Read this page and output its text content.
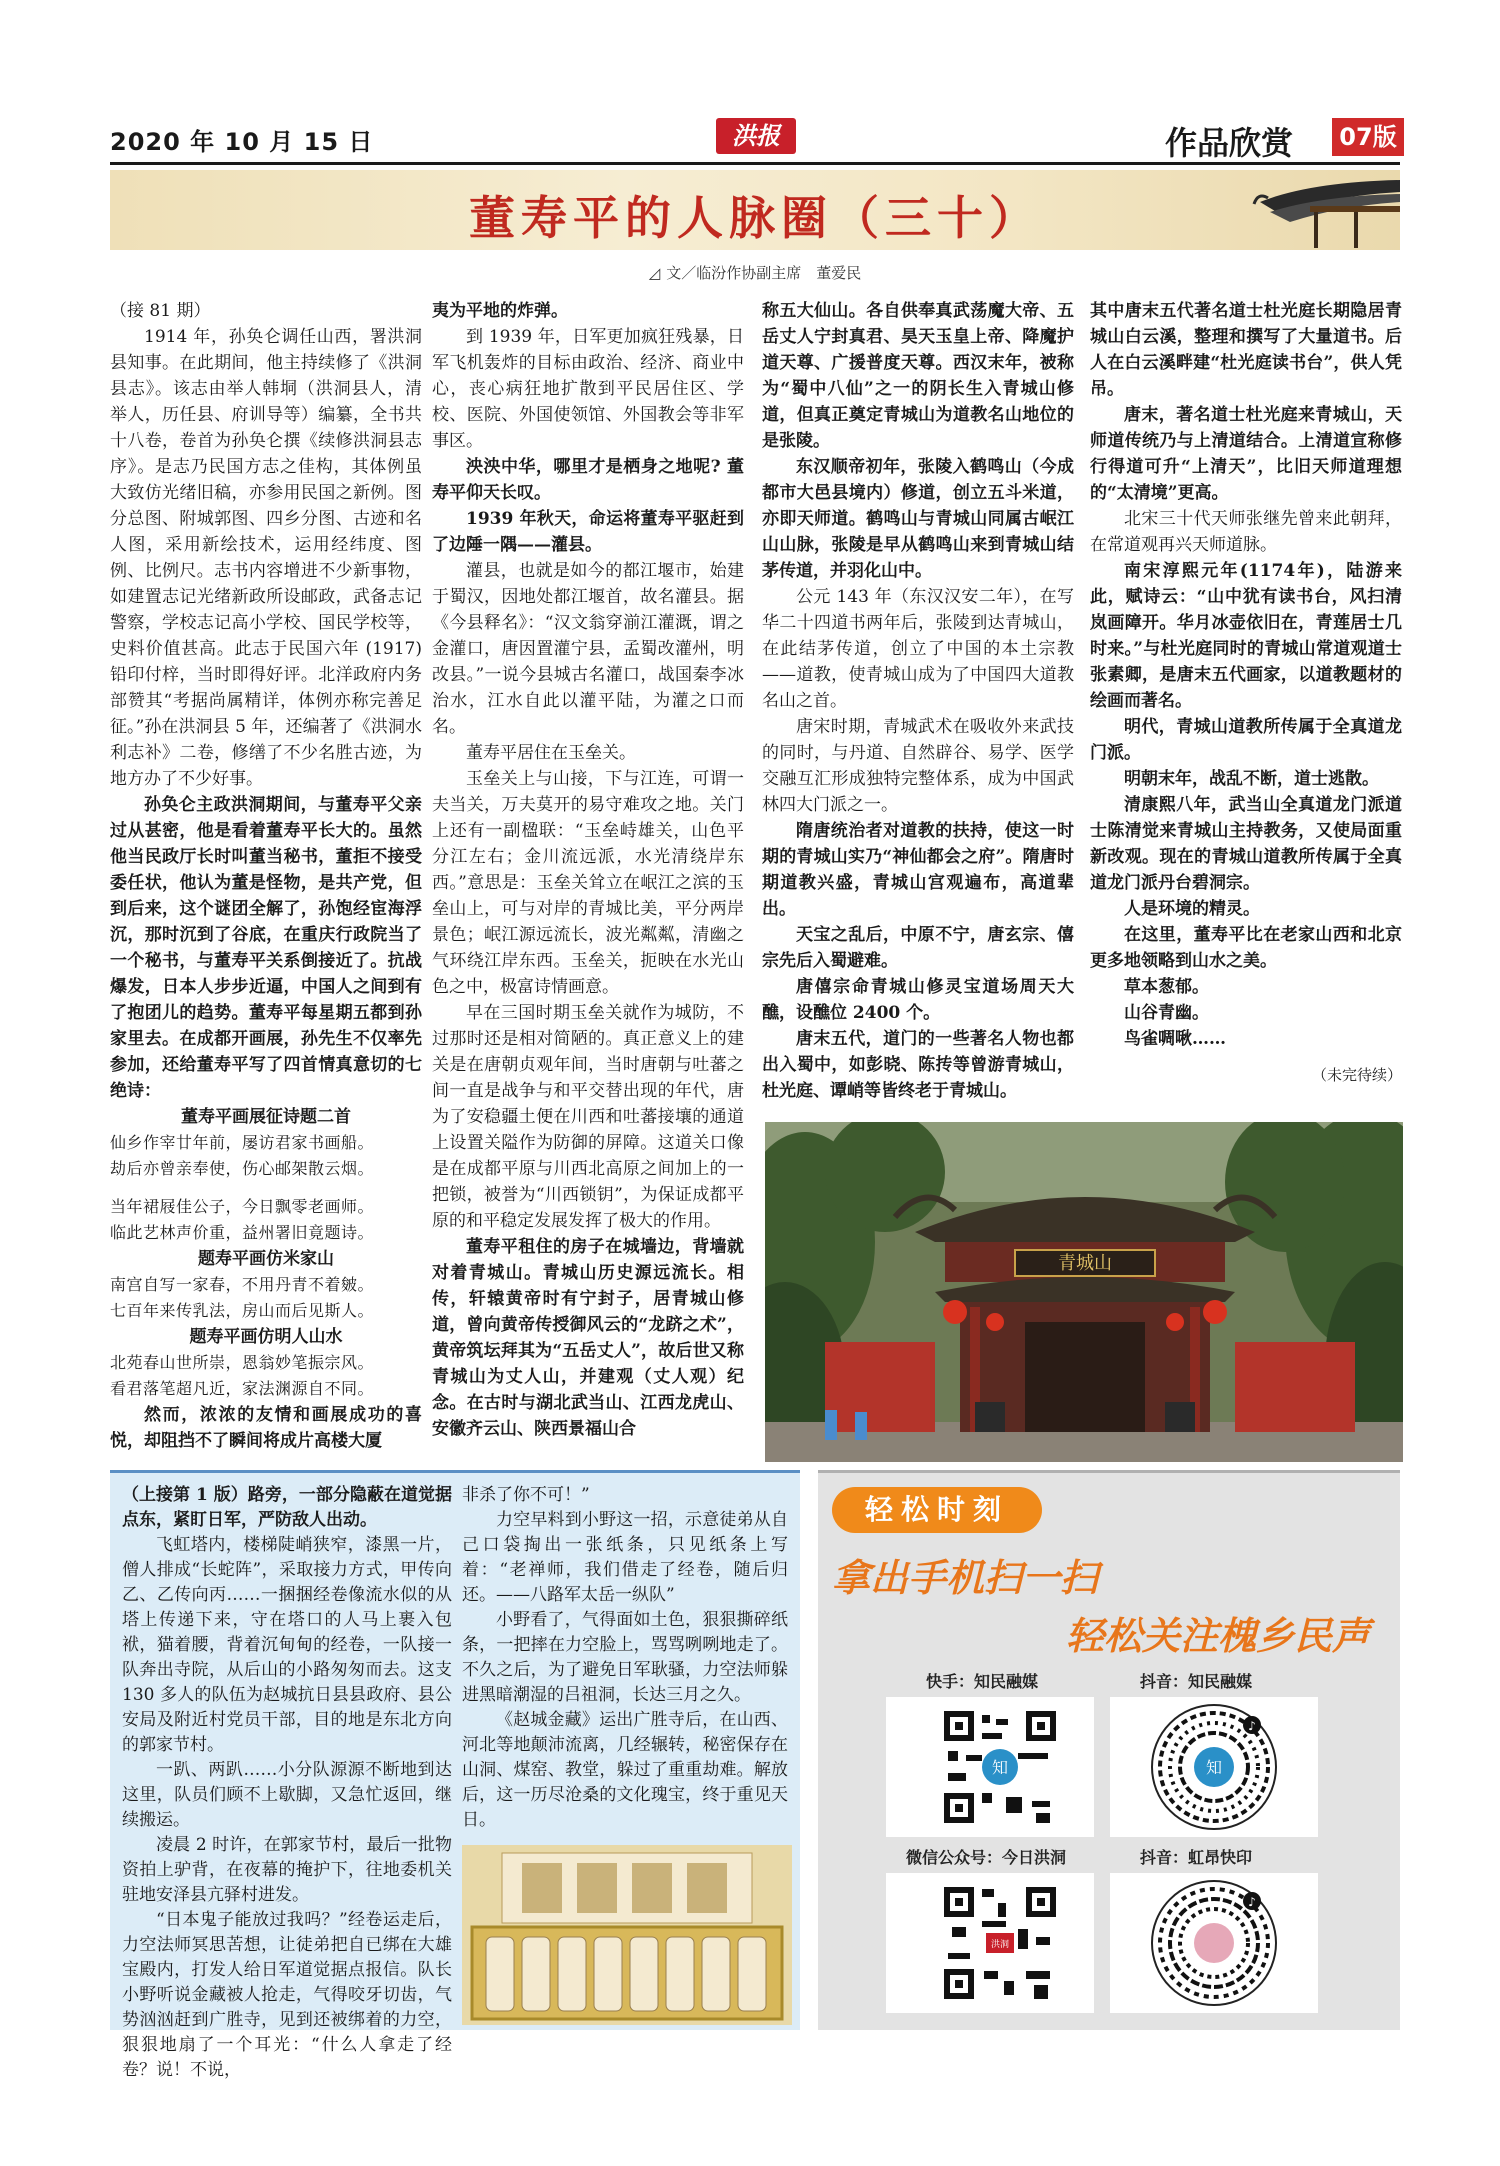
2020 年 10 月 15 日	洪报	作品欣赏	07版
董寿平的人脉圈（三十）
◿ 文／临汾作协副主席　董爱民

（接 81 期）

1914 年，孙奂仑调任山西，署洪洞县知事。在此期间，他主持续修了《洪洞县志》。该志由举人韩垌（洪洞县人，清举人，历任县、府训导等）编纂，全书共十八卷，卷首为孙奂仑撰《续修洪洞县志序》。是志乃民国方志之佳构，其体例虽大致仿光绪旧稿，亦参用民国之新例。图分总图、附城郭图、四乡分图、古迹和名人图，采用新绘技术，运用经纬度、图例、比例尺。志书内容增进不少新事物，如建置志记光绪新政所设邮政，武备志记警察，学校志记高小学校、国民学校等，史料价值甚高。此志于民国六年 (1917) 铅印付梓，当时即得好评。北洋政府内务部赞其“考据尚属精详，体例亦称完善足征。”孙在洪洞县 5 年，还编著了《洪洞水利志补》二卷，修缮了不少名胜古迹，为地方办了不少好事。

孙奂仑主政洪洞期间，与董寿平父亲过从甚密，他是看着董寿平长大的。虽然他当民政厅长时叫董当秘书，董拒不接受委任状，他认为董是怪物，是共产党，但到后来，这个谜团全解了，孙饱经宦海浮沉，那时沉到了谷底，在重庆行政院当了一个秘书，与董寿平关系倒接近了。抗战爆发，日本人步步近逼，中国人之间到有了抱团儿的趋势。董寿平每星期五都到孙家里去。在成都开画展，孙先生不仅率先参加，还给董寿平写了四首情真意切的七绝诗：

董寿平画展征诗题二首

仙乡作宰廿年前，屡访君家书画船。

劫后亦曾亲奉使，伤心邮架散云烟。

当年裙屐佳公子，今日飘零老画师。

临此艺林声价重，益州署旧竟题诗。

题寿平画仿米家山

南宫自写一家春，不用丹青不着皴。

七百年来传乳法，房山而后见斯人。

题寿平画仿明人山水

北苑春山世所崇，恩翁妙笔振宗风。

看君落笔超凡近，家法渊源自不同。

然而，浓浓的友情和画展成功的喜悦，却阻挡不了瞬间将成片高楼大厦

夷为平地的炸弹。

到 1939 年，日军更加疯狂残暴，日军飞机轰炸的目标由政治、经济、商业中心，丧心病狂地扩散到平民居住区、学校、医院、外国使领馆、外国教会等非军事区。

泱泱中华，哪里才是栖身之地呢? 董寿平仰天长叹。

1939 年秋天，命运将董寿平驱赶到了边陲一隅——灌县。

灌县，也就是如今的都江堰市，始建于蜀汉，因地处都江堰首，故名灌县。据《今县释名》：“汉文翁穿湔江灌溉，谓之金灌口，唐因置灌宁县，孟蜀改灌州，明改县。”一说今县城古名灌口，战国秦李冰治水，江水自此以灌平陆，为灌之口而名。

董寿平居住在玉垒关。

玉垒关上与山接，下与江连，可谓一夫当关，万夫莫开的易守难攻之地。关门上还有一副楹联：“玉垒峙雄关，山色平分江左右；金川流远派，水光清绕岸东西。”意思是：玉垒关耸立在岷江之滨的玉垒山上，可与对岸的青城比美，平分两岸景色；岷江源远流长，波光粼粼，清幽之气环绕江岸东西。玉垒关，扼映在水光山色之中，极富诗情画意。

早在三国时期玉垒关就作为城防，不过那时还是相对简陋的。真正意义上的建关是在唐朝贞观年间，当时唐朝与吐蕃之间一直是战争与和平交替出现的年代，唐为了安稳疆土便在川西和吐蕃接壤的通道上设置关隘作为防御的屏障。这道关口像是在成都平原与川西北高原之间加上的一把锁，被誉为“川西锁钥”，为保证成都平原的和平稳定发展发挥了极大的作用。

董寿平租住的房子在城墙边，背墙就对着青城山。青城山历史源远流长。相传，轩辕黄帝时有宁封子，居青城山修道，曾向黄帝传授御风云的“龙跻之术”，黄帝筑坛拜其为“五岳丈人”，故后世又称青城山为丈人山，并建观（丈人观）纪念。在古时与湖北武当山、江西龙虎山、安徽齐云山、陕西景福山合

称五大仙山。各自供奉真武荡魔大帝、五岳丈人宁封真君、昊天玉皇上帝、降魔护道天尊、广援普度天尊。西汉末年，被称为“蜀中八仙”之一的阴长生入青城山修道，但真正奠定青城山为道教名山地位的是张陵。

东汉顺帝初年，张陵入鹤鸣山（今成都市大邑县境内）修道，创立五斗米道，亦即天师道。鹤鸣山与青城山同属古岷江山山脉，张陵是早从鹤鸣山来到青城山结茅传道，并羽化山中。

公元 143 年（东汉汉安二年），在写华二十四道书两年后，张陵到达青城山，在此结茅传道，创立了中国的本土宗教——道教，使青城山成为了中国四大道教名山之首。

唐宋时期，青城武术在吸收外来武技的同时，与丹道、自然辟谷、易学、医学交融互汇形成独特完整体系，成为中国武林四大门派之一。

隋唐统治者对道教的扶持，使这一时期的青城山实乃“神仙都会之府”。隋唐时期道教兴盛，青城山宫观遍布，高道辈出。

天宝之乱后，中原不宁，唐玄宗、僖宗先后入蜀避难。

唐僖宗命青城山修灵宝道场周天大醮，设醮位 2400 个。

唐末五代，道门的一些著名人物也都出入蜀中，如彭晓、陈抟等曾游青城山，杜光庭、谭峭等皆终老于青城山。

其中唐末五代著名道士杜光庭长期隐居青城山白云溪，整理和撰写了大量道书。后人在白云溪畔建“杜光庭读书台”，供人凭吊。

唐末，著名道士杜光庭来青城山，天师道传统乃与上清道结合。上清道宣称修行得道可升“上清天”，比旧天师道理想的“太清境”更高。

北宋三十代天师张继先曾来此朝拜，在常道观再兴天师道脉。

南宋淳熙元年(1174年)，陆游来此，赋诗云：“山中犹有读书台，风扫清岚画障开。华月冰壶依旧在，青莲居士几时来。”与杜光庭同时的青城山常道观道士张素卿，是唐末五代画家，以道教题材的绘画而著名。

明代，青城山道教所传属于全真道龙门派。

明朝末年，战乱不断，道士逃散。

清康熙八年，武当山全真道龙门派道士陈清觉来青城山主持教务，又使局面重新改观。现在的青城山道教所传属于全真道龙门派丹台碧洞宗。

人是环境的精灵。

在这里，董寿平比在老家山西和北京更多地领略到山水之美。

草本葱郁。

山谷青幽。

鸟雀啁啾……

（未完待续）

青城山

（上接第 1 版）路旁，一部分隐蔽在道觉据点东，紧盯日军，严防敌人出动。

飞虹塔内，楼梯陡峭狭窄，漆黑一片，僧人排成“长蛇阵”，采取接力方式，甲传向乙、乙传向丙……一捆捆经卷像流水似的从塔上传递下来，守在塔口的人马上裹入包袱，猫着腰，背着沉甸甸的经卷，一队接一队奔出寺院，从后山的小路匆匆而去。这支 130 多人的队伍为赵城抗日县县政府、县公安局及附近村党员干部，目的地是东北方向的郭家节村。

一趴、两趴……小分队源源不断地到达这里，队员们顾不上歇脚，又急忙返回，继续搬运。

凌晨 2 时许，在郭家节村，最后一批物资拍上驴背，在夜幕的掩护下，往地委机关驻地安泽县亢驿村进发。

“日本鬼子能放过我吗？”经卷运走后，力空法师冥思苦想，让徒弟把自已绑在大雄宝殿内，打发人给日军道觉据点报信。队长小野听说金藏被人抢走，气得咬牙切齿，气势汹汹赶到广胜寺，见到还被绑着的力空，狠狠地扇了一个耳光：“什么人拿走了经卷？说！不说，

非杀了你不可！”

力空早料到小野这一招，示意徒弟从自己口袋掏出一张纸条，只见纸条上写着：“老禅师，我们借走了经卷，随后归还。——八路军太岳一纵队”

小野看了，气得面如土色，狠狠撕碎纸条，一把摔在力空脸上，骂骂咧咧地走了。不久之后，为了避免日军耿骚，力空法师躲进黑暗潮湿的吕祖洞，长达三月之久。

《赵城金藏》运出广胜寺后，在山西、河北等地颠沛流离，几经辗转，秘密保存在山洞、煤窑、教堂，躲过了重重劫难。解放后，这一历尽沧桑的文化瑰宝，终于重见天日。

轻松时刻
拿出手机扫一扫
轻松关注槐乡民声
快手：知民融媒	抖音：知民融媒
知	知
♪
微信公众号：今日洪洞	抖音：虹昂快印
洪洞
♪
